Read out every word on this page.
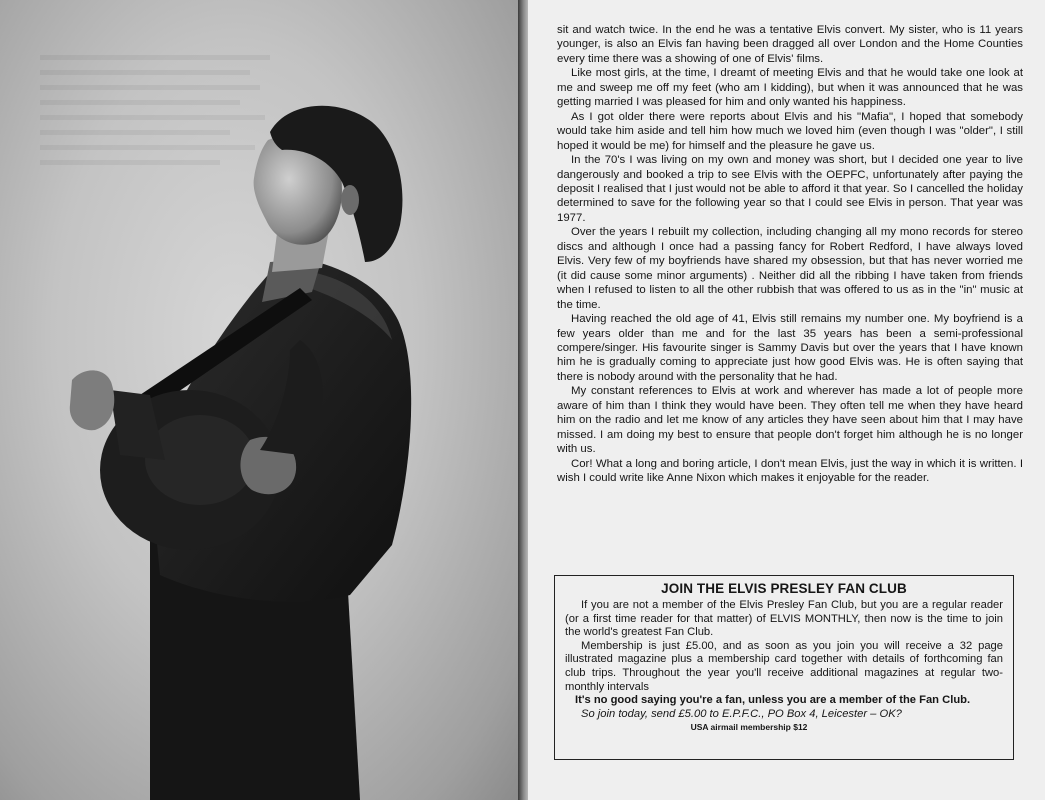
sit and watch twice. In the end he was a tentative Elvis convert. My sister, who is 11 years younger, is also an Elvis fan having been dragged all over London and the Home Counties every time there was a showing of one of Elvis' films.

Like most girls, at the time, I dreamt of meeting Elvis and that he would take one look at me and sweep me off my feet (who am I kidding), but when it was announced that he was getting married I was pleased for him and only wanted his happiness.

As I got older there were reports about Elvis and his "Mafia", I hoped that somebody would take him aside and tell him how much we loved him (even though I was "older", I still hoped it would be me) for himself and the pleasure he gave us.

In the 70's I was living on my own and money was short, but I decided one year to live dangerously and booked a trip to see Elvis with the OEPFC, unfortunately after paying the deposit I realised that I just would not be able to afford it that year. So I cancelled the holiday determined to save for the following year so that I could see Elvis in person. That year was 1977.

Over the years I rebuilt my collection, including changing all my mono records for stereo discs and although I once had a passing fancy for Robert Redford, I have always loved Elvis. Very few of my boyfriends have shared my obsession, but that has never worried me (it did cause some minor arguments) . Neither did all the ribbing I have taken from friends when I refused to listen to all the other rubbish that was offered to us as in the "in" music at the time.

Having reached the old age of 41, Elvis still remains my number one. My boyfriend is a few years older than me and for the last 35 years has been a semi-professional compere/singer. His favourite singer is Sammy Davis but over the years that I have known him he is gradually coming to appreciate just how good Elvis was. He is often saying that there is nobody around with the personality that he had.

My constant references to Elvis at work and wherever has made a lot of people more aware of him than I think they would have been. They often tell me when they have heard him on the radio and let me know of any articles they have seen about him that I may have missed. I am doing my best to ensure that people don't forget him although he is no longer with us.

Cor! What a long and boring article, I don't mean Elvis, just the way in which it is written. I wish I could write like Anne Nixon which makes it enjoyable for the reader.

JOIN THE ELVIS PRESLEY FAN CLUB

If you are not a member of the Elvis Presley Fan Club, but you are a regular reader (or a first time reader for that matter) of ELVIS MONTHLY, then now is the time to join the world's greatest Fan Club.

Membership is just £5.00, and as soon as you join you will receive a 32 page illustrated magazine plus a membership card together with details of forthcoming fan club trips. Throughout the year you'll receive additional magazines at regular two-monthly intervals

It's no good saying you're a fan, unless you are a member of the Fan Club.

So join today, send £5.00 to E.P.F.C., PO Box 4, Leicester – OK?

USA airmail membership $12
